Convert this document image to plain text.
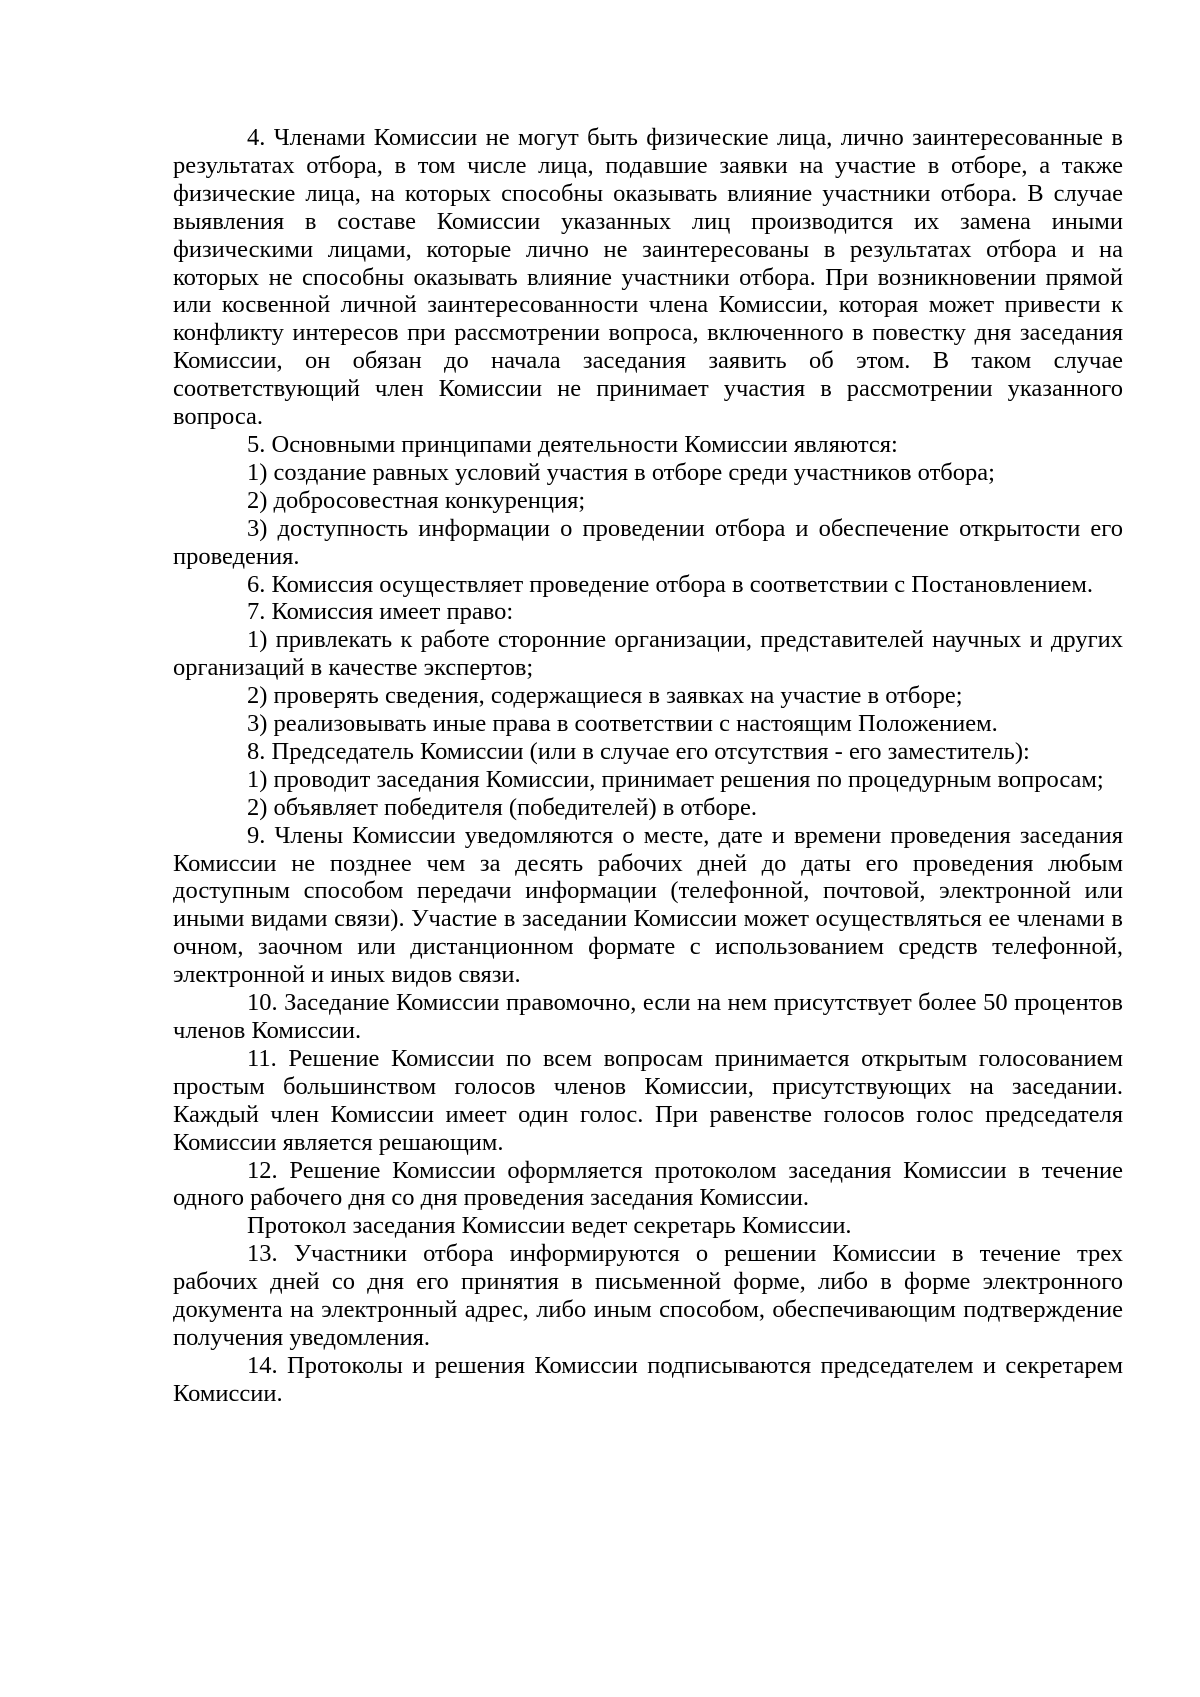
4. Членами Комиссии не могут быть физические лица, лично заинтересованные в результатах отбора, в том числе лица, подавшие заявки на участие в отборе, а также физические лица, на которых способны оказывать влияние участники отбора. В случае выявления в составе Комиссии указанных лиц производится их замена иными физическими лицами, которые лично не заинтересованы в результатах отбора и на которых не способны оказывать влияние участники отбора. При возникновении прямой или косвенной личной заинтересованности члена Комиссии, которая может привести к конфликту интересов при рассмотрении вопроса, включенного в повестку дня заседания Комиссии, он обязан до начала заседания заявить об этом. В таком случае соответствующий член Комиссии не принимает участия в рассмотрении указанного вопроса.

5. Основными принципами деятельности Комиссии являются:

1) создание равных условий участия в отборе среди участников отбора;

2) добросовестная конкуренция;

3) доступность информации о проведении отбора и обеспечение открытости его проведения.

6. Комиссия осуществляет проведение отбора в соответствии с Постановлением.

7. Комиссия имеет право:

1) привлекать к работе сторонние организации, представителей научных и других организаций в качестве экспертов;

2) проверять сведения, содержащиеся в заявках на участие в отборе;

3) реализовывать иные права в соответствии с настоящим Положением.

8. Председатель Комиссии (или в случае его отсутствия - его заместитель):

1) проводит заседания Комиссии, принимает решения по процедурным вопросам;

2) объявляет победителя (победителей) в отборе.

9. Члены Комиссии уведомляются о месте, дате и времени проведения заседания Комиссии не позднее чем за десять рабочих дней до даты его проведения любым доступным способом передачи информации (телефонной, почтовой, электронной или иными видами связи). Участие в заседании Комиссии может осуществляться ее членами в очном, заочном или дистанционном формате с использованием средств телефонной, электронной и иных видов связи.

10. Заседание Комиссии правомочно, если на нем присутствует более 50 процентов членов Комиссии.

11. Решение Комиссии по всем вопросам принимается открытым голосованием простым большинством голосов членов Комиссии, присутствующих на заседании. Каждый член Комиссии имеет один голос. При равенстве голосов голос председателя Комиссии является решающим.

12. Решение Комиссии оформляется протоколом заседания Комиссии в течение одного рабочего дня со дня проведения заседания Комиссии.

Протокол заседания Комиссии ведет секретарь Комиссии.

13. Участники отбора информируются о решении Комиссии в течение трех рабочих дней со дня его принятия в письменной форме, либо в форме электронного документа на электронный адрес, либо иным способом, обеспечивающим подтверждение получения уведомления.

14. Протоколы и решения Комиссии подписываются председателем и секретарем Комиссии.
